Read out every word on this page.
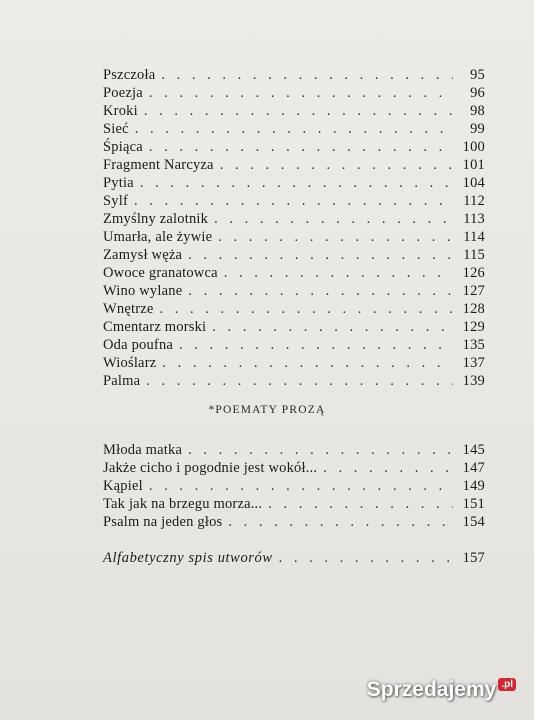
Pszczoła . . .	95
Poezja . . .	96
Kroki . . .	98
Sieć . . .	99
Śpiąca . . .	100
Fragment Narcyza . . .	101
Pytia . . .	104
Sylf . . .	112
Zmyślny zalotnik . . .	113
Umarła, ale żywie . . .	114
Zamysł węża . . .	115
Owoce granatowca . . .	126
Wino wylane . . .	127
Wnętrze . . .	128
Cmentarz morski . . .	129
Oda poufna . . .	135
Wioślarz . . .	137
Palma . . .	139
*POEMATY PROZĄ
Młoda matka . . .	145
Jakże cicho i pogodnie jest wokół... . . .	147
Kąpiel . . .	149
Tak jak na brzegu morza... . . .	151
Psalm na jeden głos . . .	154
Alfabetyczny spis utworów . . .	157
Sprzedajemy .pl
